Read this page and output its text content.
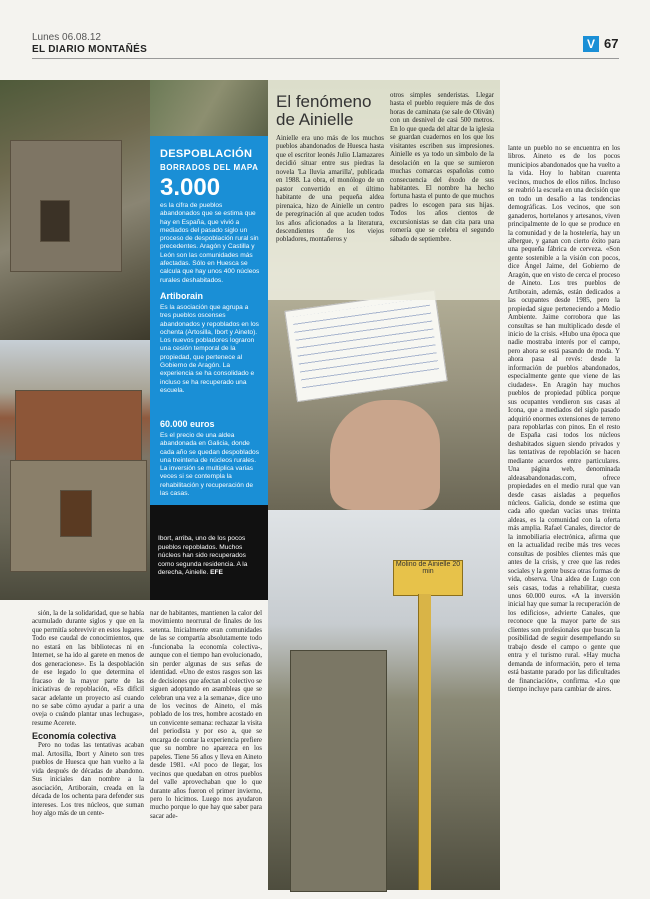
Lunes 06.08.12
EL DIARIO MONTAÑÉS	V 67
Molino de Ainielle 20 min
Ibort, arriba, uno de los pocos pueblos repoblados. Muchos núcleos han sido recuperados como segunda residencia. A la derecha, Ainielle. EFE
DESPOBLACIÓN
BORRADOS DEL MAPA
3.000
es la cifra de pueblos abandonados que se estima que hay en España, que vivió a mediados del pasado siglo un proceso de despoblación rural sin precedentes. Aragón y Castilla y León son las comunidades más afectadas. Sólo en Huesca se calcula que hay unos 400 núcleos rurales deshabitados.
Artiborain
Es la asociación que agrupa a tres pueblos oscenses abandonados y repoblados en los ochenta (Artosilla, Ibort y Aineto). Los nuevos pobladores lograron una cesión temporal de la propiedad, que pertenece al Gobierno de Aragón. La experiencia se ha consolidado e incluso se ha recuperado una escuela.
60.000 euros
Es el precio de una aldea abandonada en Galicia, donde cada año se quedan despoblados una treintena de núcleos rurales. La inversión se multiplica varias veces si se contempla la rehabilitación y recuperación de las casas.
El fenómeno de Ainielle
Ainielle era uno más de los muchos pueblos abandonados de Huesca hasta que el escritor leonés Julio Llamazares decidió situar entre sus piedras la novela 'La lluvia amarilla', publicada en 1988. La obra, el monólogo de un pastor convertido en el último habitante de una pequeña aldea pirenaica, hizo de Ainielle un centro de peregrinación al que acuden todos los años aficionados a la literatura, descendientes de los viejos pobladores, montañeros y
otros simples senderistas. Llegar hasta el pueblo requiere más de dos horas de caminata (se sale de Oliván) con un desnivel de casi 500 metros. En lo que queda del altar de la iglesia se guardan cuadernos en los que los visitantes escriben sus impresiones. Ainielle es ya todo un símbolo de la desolación en la que se sumieron muchas comarcas españolas como consecuencia del éxodo de sus habitantes. El nombre ha hecho fortuna hasta el punto de que muchos padres lo escogen para sus hijas. Todos los años cientos de excursionistas se dan cita para una romería que se celebra el segundo sábado de septiembre.

sión, la de la solidaridad, que se había acumulado durante siglos y que en la que permitía sobrevivir en estos lugares. Todo ese caudal de conocimientos, que no estará en las bibliotecas ni en Internet, se ha ido al garete en menos de dos generaciones». Es la despoblación de ese legado lo que determina el fracaso de la mayor parte de las iniciativas de repoblación, «Es difícil sacar adelante un proyecto así cuando no se sabe cómo ayudar a parir a una oveja o cuándo plantar unas lechugas», resume Acerete.

Economía colectiva

Pero no todas las tentativas acaban mal. Artosilla, Ibort y Aineto son tres pueblos de Huesca que han vuelto a la vida después de décadas de abandono. Sus iniciales dan nombre a la asociación, Artiborain, creada en la década de los ochenta para defender sus intereses. Los tres núcleos, que suman hoy algo más de un cente-

nar de habitantes, mantienen la calor del movimiento neorrural de finales de los setenta. Inicialmente eran comunidades de las se compartía absolutamente todo -funcionaba la economía colectiva-, aunque con el tiempo han evolucionado, sin perder algunas de sus señas de identidad. «Uno de estos rasgos son las de decisiones que afectan al colectivo se siguen adoptando en asambleas que se celebran una vez a la semana», dice uno de los vecinos de Aineto, el más poblado de los tres, hombre acostado en un convicente semana: rechazar la visita del periodista y por eso a, que se encarga de contar la experiencia prefiere que su nombre no aparezca en los papeles. Tiene 56 años y lleva en Aineto desde 1981. «Al poco de llegar, los vecinos que quedaban en otros pueblos del valle aprovechaban que lo que durante años fueron el primer invierno, pero lo hicimos. Luego nos ayudaron mucho porque lo que hay que saber para sacar ade-

lante un pueblo no se encuentra en los libros. Aineto es de los pocos municipios abandonados que ha vuelto a la vida. Hoy lo habitan cuarenta vecinos, muchos de ellos niños. Incluso se reabrió la escuela en una decisión que en todo un desafío a las tendencias demográficas. Los vecinos, que son ganaderos, hortelanos y artesanos, viven principalmente de lo que se produce en la comunidad y de la hostelería, hay un albergue, y ganan con cierto éxito para una pequeña fábrica de cerveza. «Son gente sostenible a la visión con pocos, dice Ángel Jaime, del Gobierno de Aragón, que en visto de cerca el proceso de Aineto. Los tres pueblos de Artiborain, además, están dedicados a las ocupantes desde 1985, pero la propiedad sigue perteneciendo a Medio Ambiente. Jaime corrobora que las consultas se han multiplicado desde el inicio de la crisis. «Hubo una época que nadie mostraba interés por el campo, pero ahora se está pasando de moda. Y ahora pasa al revés: desde la información de pueblos abandonados, especialmente gente que viene de las ciudades». En Aragón hay muchos pueblos de propiedad pública porque sus ocupantes vendieron sus casas al Icona, que a mediados del siglo pasado adquirió enormes extensiones de terreno para repoblarlas con pinos. En el resto de España casi todos los núcleos deshabitados siguen siendo privados y las tentativas de repoblación se hacen mediante acuerdos entre particulares. Una página web, denominada aldeasabandonadas.com, ofrece propiedades en el medio rural que van desde casas aisladas a pequeños núcleos. Galicia, donde se estima que cada año quedan vacías unas treinta aldeas, es la comunidad con la oferta más amplia. Rafael Canales, director de la inmobiliaria electrónica, afirma que en la actualidad recibe más tres veces consultas de posibles clientes más que antes de la crisis, y cree que las redes sociales y la gente busca otras formas de vida, observa. Una aldea de Lugo con seis casas, todas a rehabilitar, cuesta unos 60.000 euros. «A la inversión inicial hay que sumar la recuperación de los edificios», advierte Canales, que reconoce que la mayor parte de sus clientes son profesionales que buscan la posibilidad de seguir desempeñando su trabajo desde el campo o gente que entra y el turismo rural. «Hay mucha demanda de información, pero el tema está bastante parado por las dificultades de financiación», confirma. «Lo que tiempo incluye para cambiar de aires.
